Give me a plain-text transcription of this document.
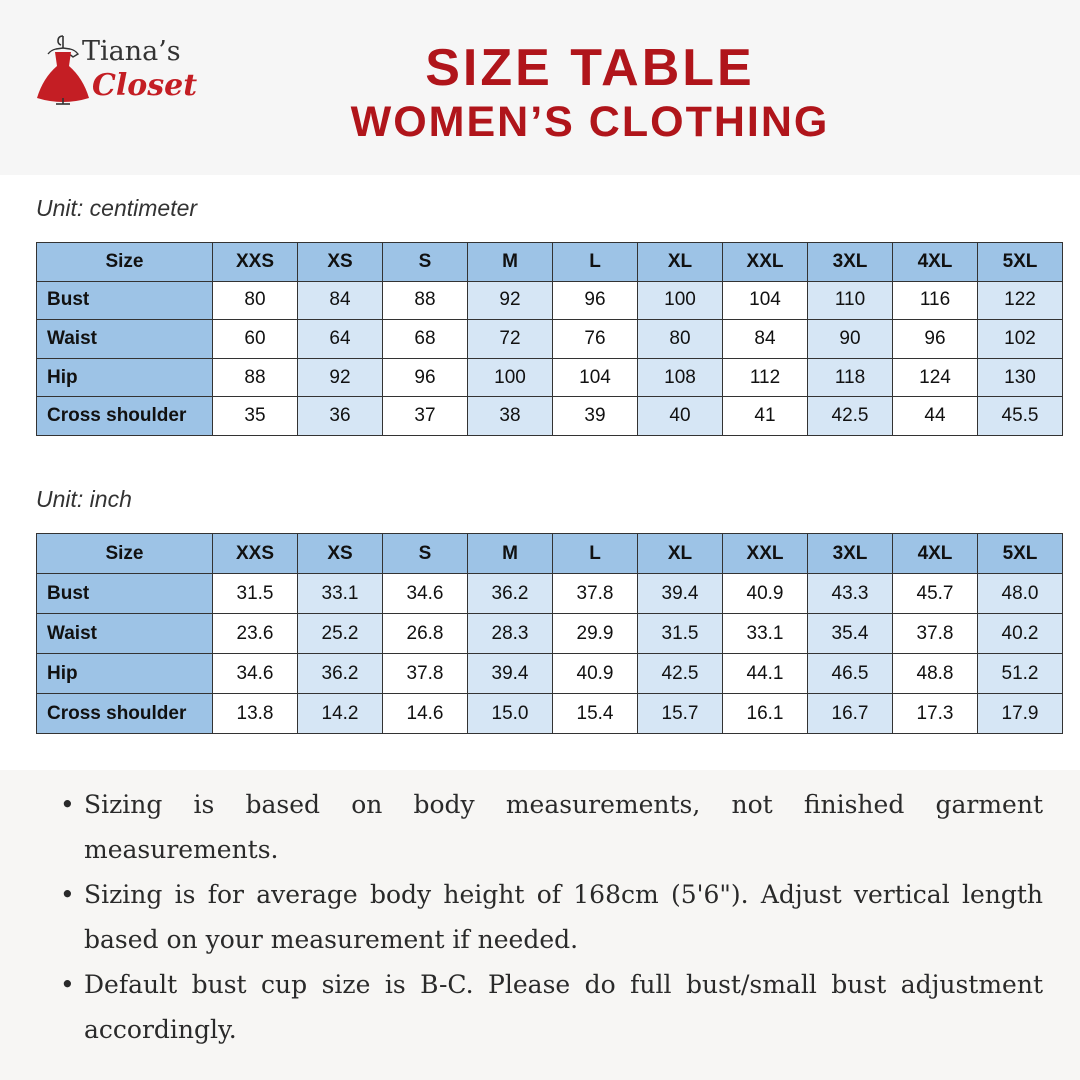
Tiana’s
Closet	SIZE TABLE
WOMEN’S CLOTHING
Unit: centimeter
Size	XXS	XS	S	M	L	XL	XXL	3XL	4XL	5XL
Bust	80	84	88	92	96	100	104	110	116	122
Waist	60	64	68	72	76	80	84	90	96	102
Hip	88	92	96	100	104	108	112	118	124	130
Cross shoulder	35	36	37	38	39	40	41	42.5	44	45.5
Unit: inch
Size	XXS	XS	S	M	L	XL	XXL	3XL	4XL	5XL
Bust	31.5	33.1	34.6	36.2	37.8	39.4	40.9	43.3	45.7	48.0
Waist	23.6	25.2	26.8	28.3	29.9	31.5	33.1	35.4	37.8	40.2
Hip	34.6	36.2	37.8	39.4	40.9	42.5	44.1	46.5	48.8	51.2
Cross shoulder	13.8	14.2	14.6	15.0	15.4	15.7	16.1	16.7	17.3	17.9
• Sizing is based on body measurements, not finished garment measurements.
• Sizing is for average body height of 168cm (5'6"). Adjust vertical length based on your measurement if needed.
• Default bust cup size is B-C. Please do full bust/small bust adjustment accordingly.
